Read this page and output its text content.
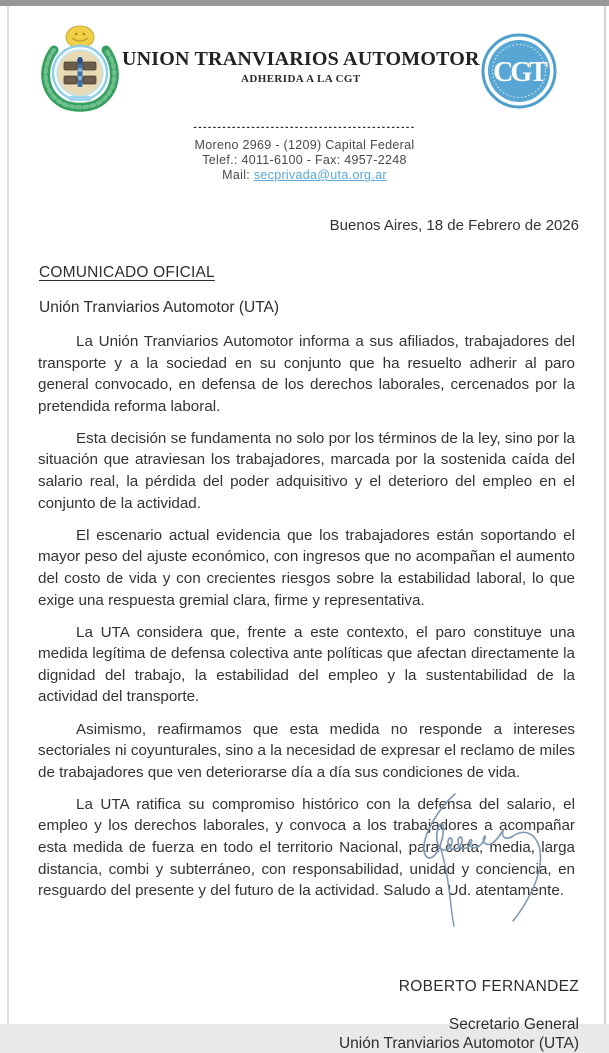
UNION TRANVIARIOS AUTOMOTOR
ADHERIDA A LA CGT	CGT
----------------------------------------------
Moreno 2969 - (1209) Capital Federal
Telef.: 4011-6100 - Fax: 4957-2248
Mail: secprivada@uta.org.ar
Buenos Aires, 18 de Febrero de 2026
COMUNICADO OFICIAL
Unión Tranviarios Automotor (UTA)

La Unión Tranviarios Automotor informa a sus afiliados, trabajadores del transporte y a la sociedad en su conjunto que ha resuelto adherir al paro general convocado, en defensa de los derechos laborales, cercenados por la pretendida reforma laboral.

Esta decisión se fundamenta no solo por los términos de la ley, sino por la situación que atraviesan los trabajadores, marcada por la sostenida caída del salario real, la pérdida del poder adquisitivo y el deterioro del empleo en el conjunto de la actividad.

El escenario actual evidencia que los trabajadores están soportando el mayor peso del ajuste económico, con ingresos que no acompañan el aumento del costo de vida y con crecientes riesgos sobre la estabilidad laboral, lo que exige una respuesta gremial clara, firme y representativa.

La UTA considera que, frente a este contexto, el paro constituye una medida legítima de defensa colectiva ante políticas que afectan directamente la dignidad del trabajo, la estabilidad del empleo y la sustentabilidad de la actividad del transporte.

Asimismo, reafirmamos que esta medida no responde a intereses sectoriales ni coyunturales, sino a la necesidad de expresar el reclamo de miles de trabajadores que ven deteriorarse día a día sus condiciones de vida.

La UTA ratifica su compromiso histórico con la defensa del salario, el empleo y los derechos laborales, y convoca a los trabajadores a acompañar esta medida de fuerza en todo el territorio Nacional, para corta, media, larga distancia, combi y subterráneo, con responsabilidad, unidad y conciencia, en resguardo del presente y del futuro de la actividad. Saludo a Ud. atentamente.

ROBERTO FERNANDEZ
Secretario General
Unión Tranviarios Automotor (UTA)
